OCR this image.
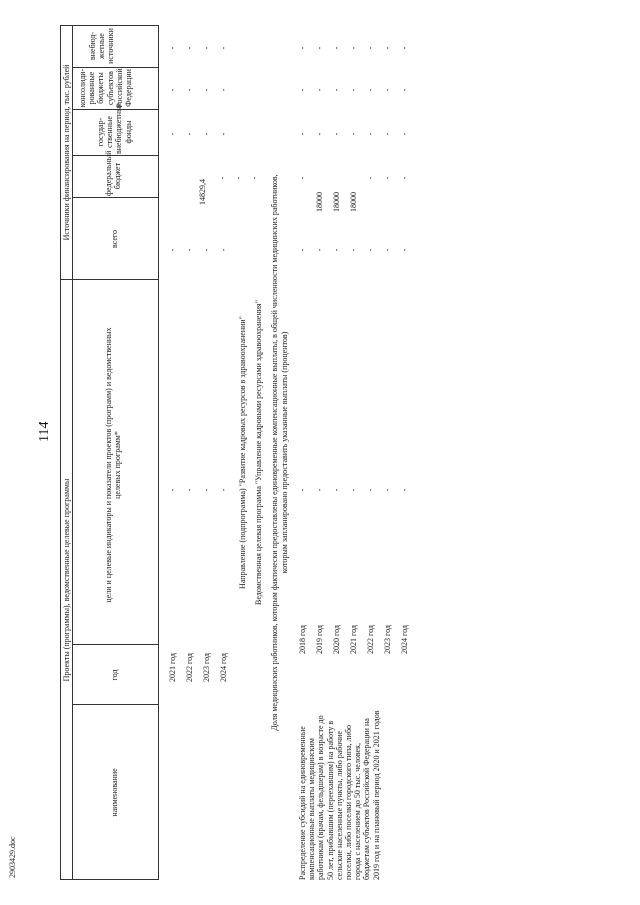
114
2903429.doc
Проекты (программы), ведомственные целевые программы
Источники финансирования на период, тыс. рублей
наименование
год
цели и целевые индикаторы и показатели проектов (программ) и ведомственных целевых программ*
всего
федеральный бюджет
государ-ственные внебюджетные фонды
консолиди-рованные бюджеты субъектов Российской Федерации
внебюд-жетные источники
2021 год
-
-
14829,4
-
-
-
2022 год
-
-
-
-
-
-
2023 год
-
-
-
-
-
-
2024 год
-
-
-
-
-
-
Направление (подпрограмма) "Развитие кадровых ресурсов в здравоохранении" Ведомственная целевая программа "Управление кадровыми ресурсами здравоохранения" Доля медицинских работников, которым фактически предоставлены единовременные компенсационные выплаты, в общей численности медицинских работников, которым запланировано предоставить указанные выплаты (процентов)
Распределение субсидий на единовременные компенсационные выплаты медицинским работникам (врачам, фельдшерам) в возрасте до 50 лет, прибывшим (переехавшим) на работу в сельские населенные пункты, либо рабочие поселки, либо поселки городского типа, либо города с населением до 50 тыс. человек, бюджетам субъектов Российской Федерации на 2019 год и на плановый период 2020 и 2021 годов
2018 год
-
-
-
-
-
-
2019 год
-
-
18000
-
-
-
2020 год
-
-
18000
-
-
-
2021 год
-
-
18000
-
-
-
2022 год
-
-
-
-
-
-
2023 год
-
-
-
-
-
-
2024 год
-
-
-
-
-
-
